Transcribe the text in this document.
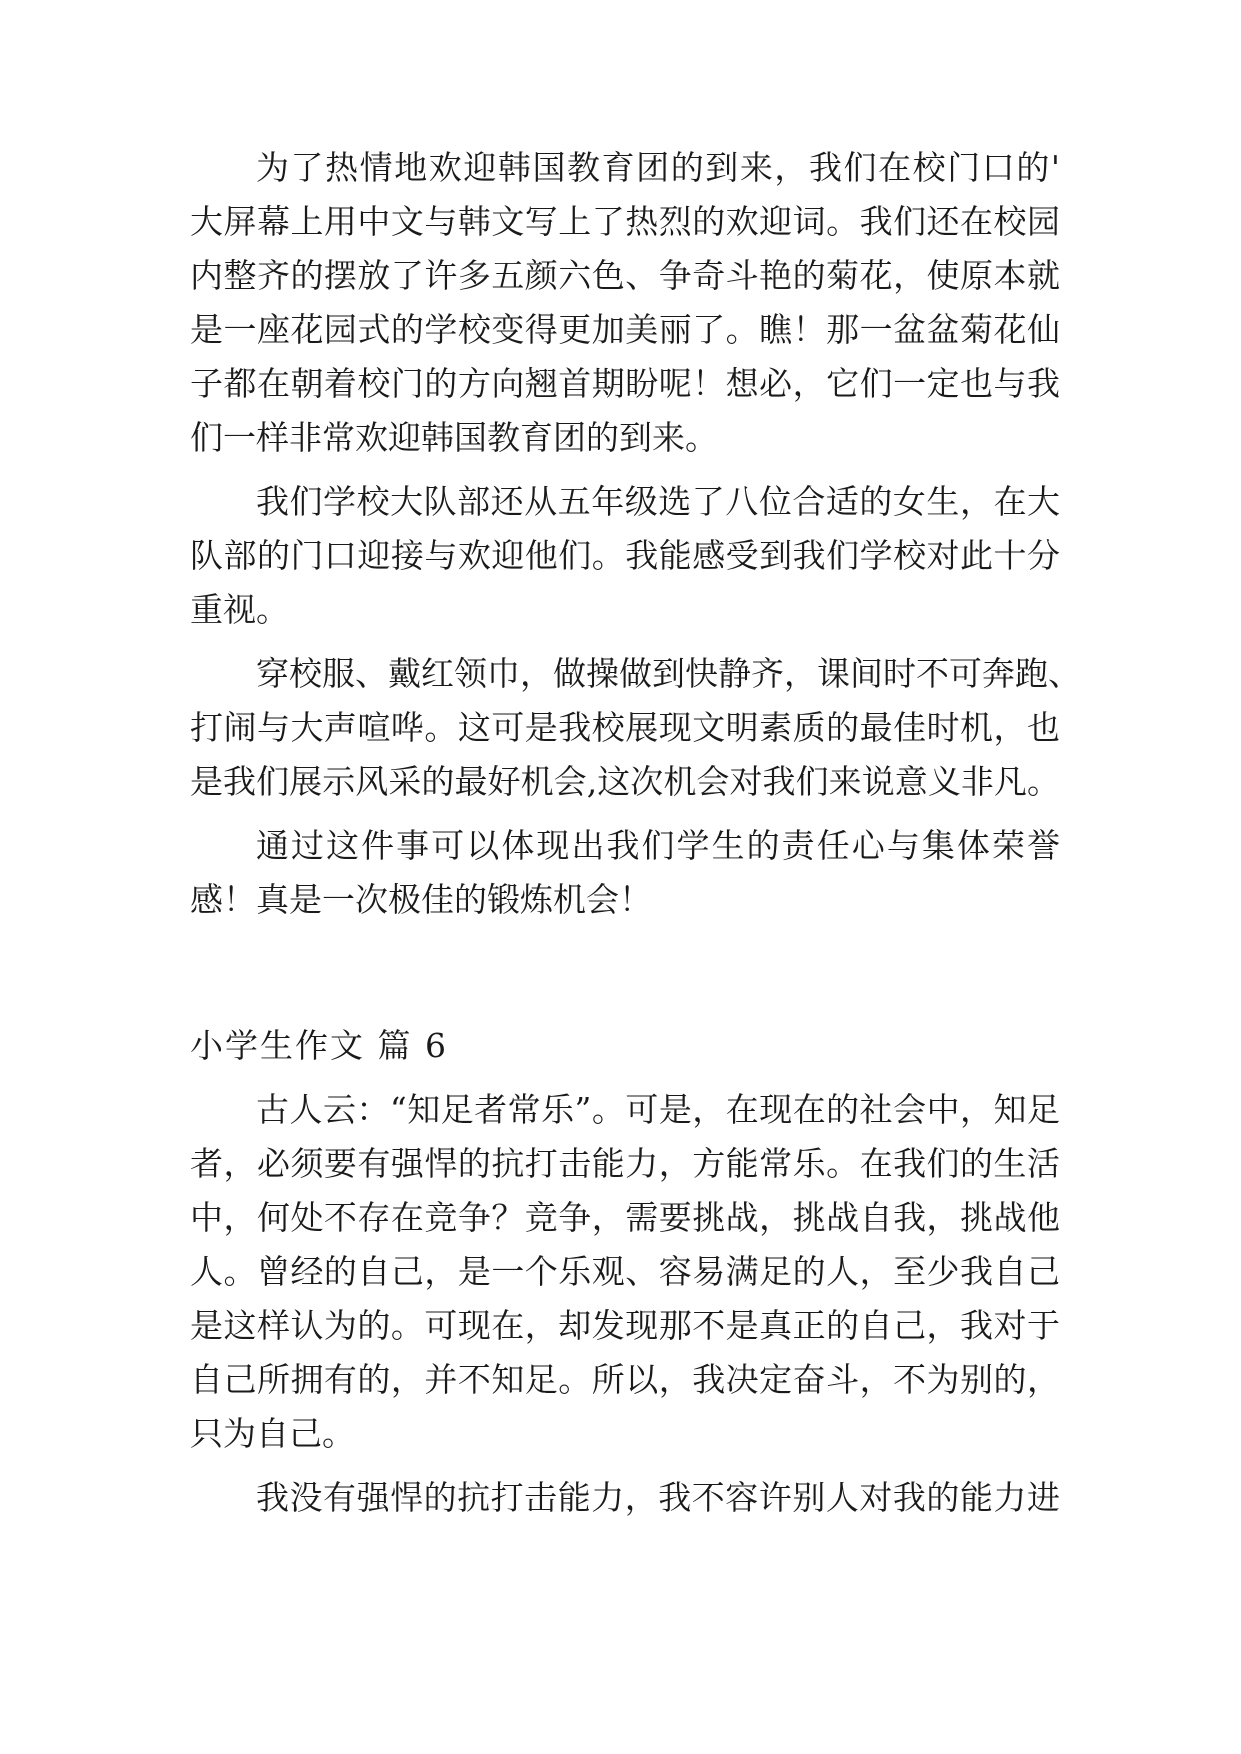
为了热情地欢迎韩国教育团的到来，我们在校门口的'
大屏幕上用中文与韩文写上了热烈的欢迎词。我们还在校园
内整齐的摆放了许多五颜六色、争奇斗艳的菊花，使原本就
是一座花园式的学校变得更加美丽了。瞧！那一盆盆菊花仙
子都在朝着校门的方向翘首期盼呢！想必，它们一定也与我
们一样非常欢迎韩国教育团的到来。
我们学校大队部还从五年级选了八位合适的女生，在大
队部的门口迎接与欢迎他们。我能感受到我们学校对此十分
重视。
穿校服、戴红领巾，做操做到快静齐，课间时不可奔跑、
打闹与大声喧哗。这可是我校展现文明素质的最佳时机，也
是我们展示风采的最好机会,这次机会对我们来说意义非凡。
通过这件事可以体现出我们学生的责任心与集体荣誉
感！真是一次极佳的锻炼机会！
小学生作文 篇 6
古人云：“知足者常乐”。可是，在现在的社会中，知足
者，必须要有强悍的抗打击能力，方能常乐。在我们的生活
中，何处不存在竞争？竞争，需要挑战，挑战自我，挑战他
人。曾经的自己，是一个乐观、容易满足的人，至少我自己
是这样认为的。可现在，却发现那不是真正的自己，我对于
自己所拥有的，并不知足。所以，我决定奋斗，不为别的，
只为自己。
我没有强悍的抗打击能力，我不容许别人对我的能力进
